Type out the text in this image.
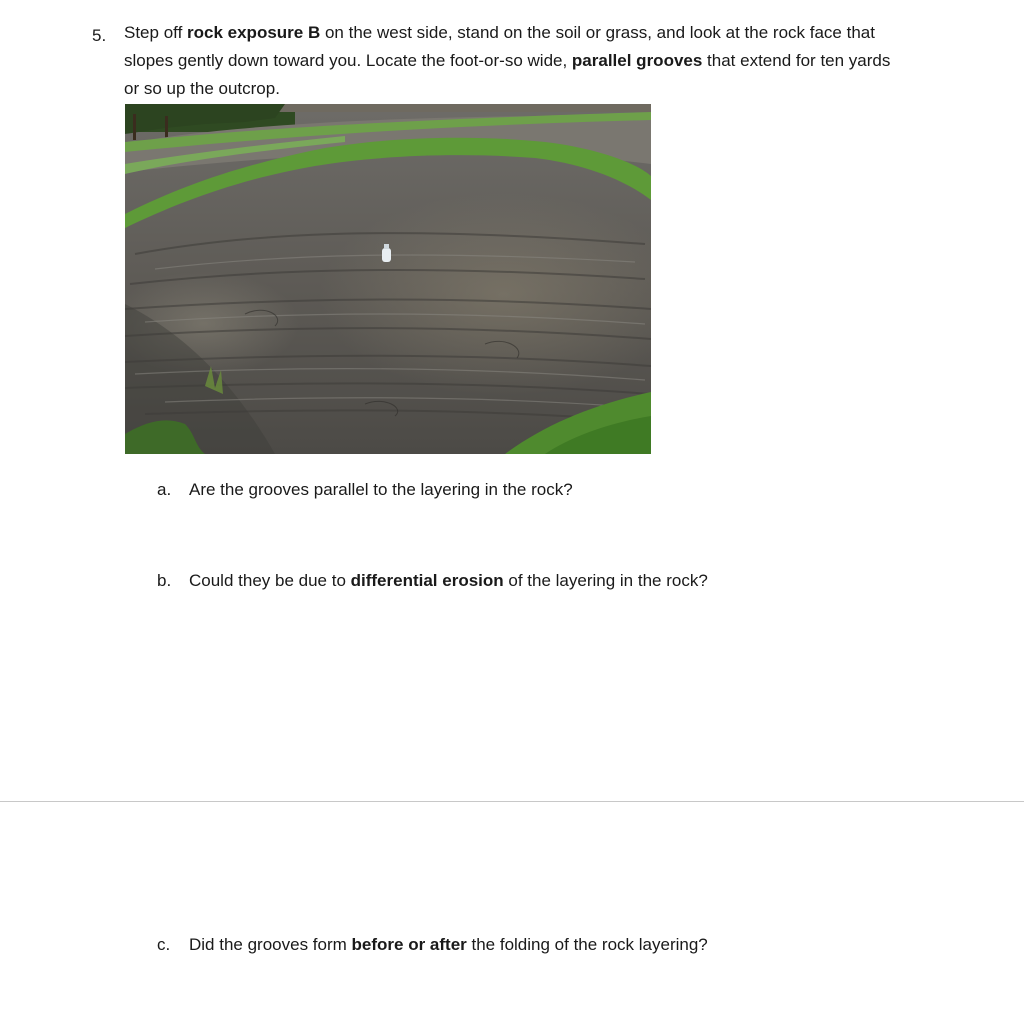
5. Step off rock exposure B on the west side, stand on the soil or grass, and look at the rock face that slopes gently down toward you. Locate the foot-or-so wide, parallel grooves that extend for ten yards or so up the outcrop.
a. Are the grooves parallel to the layering in the rock?
b. Could they be due to differential erosion of the layering in the rock?
c. Did the grooves form before or after the folding of the rock layering?
